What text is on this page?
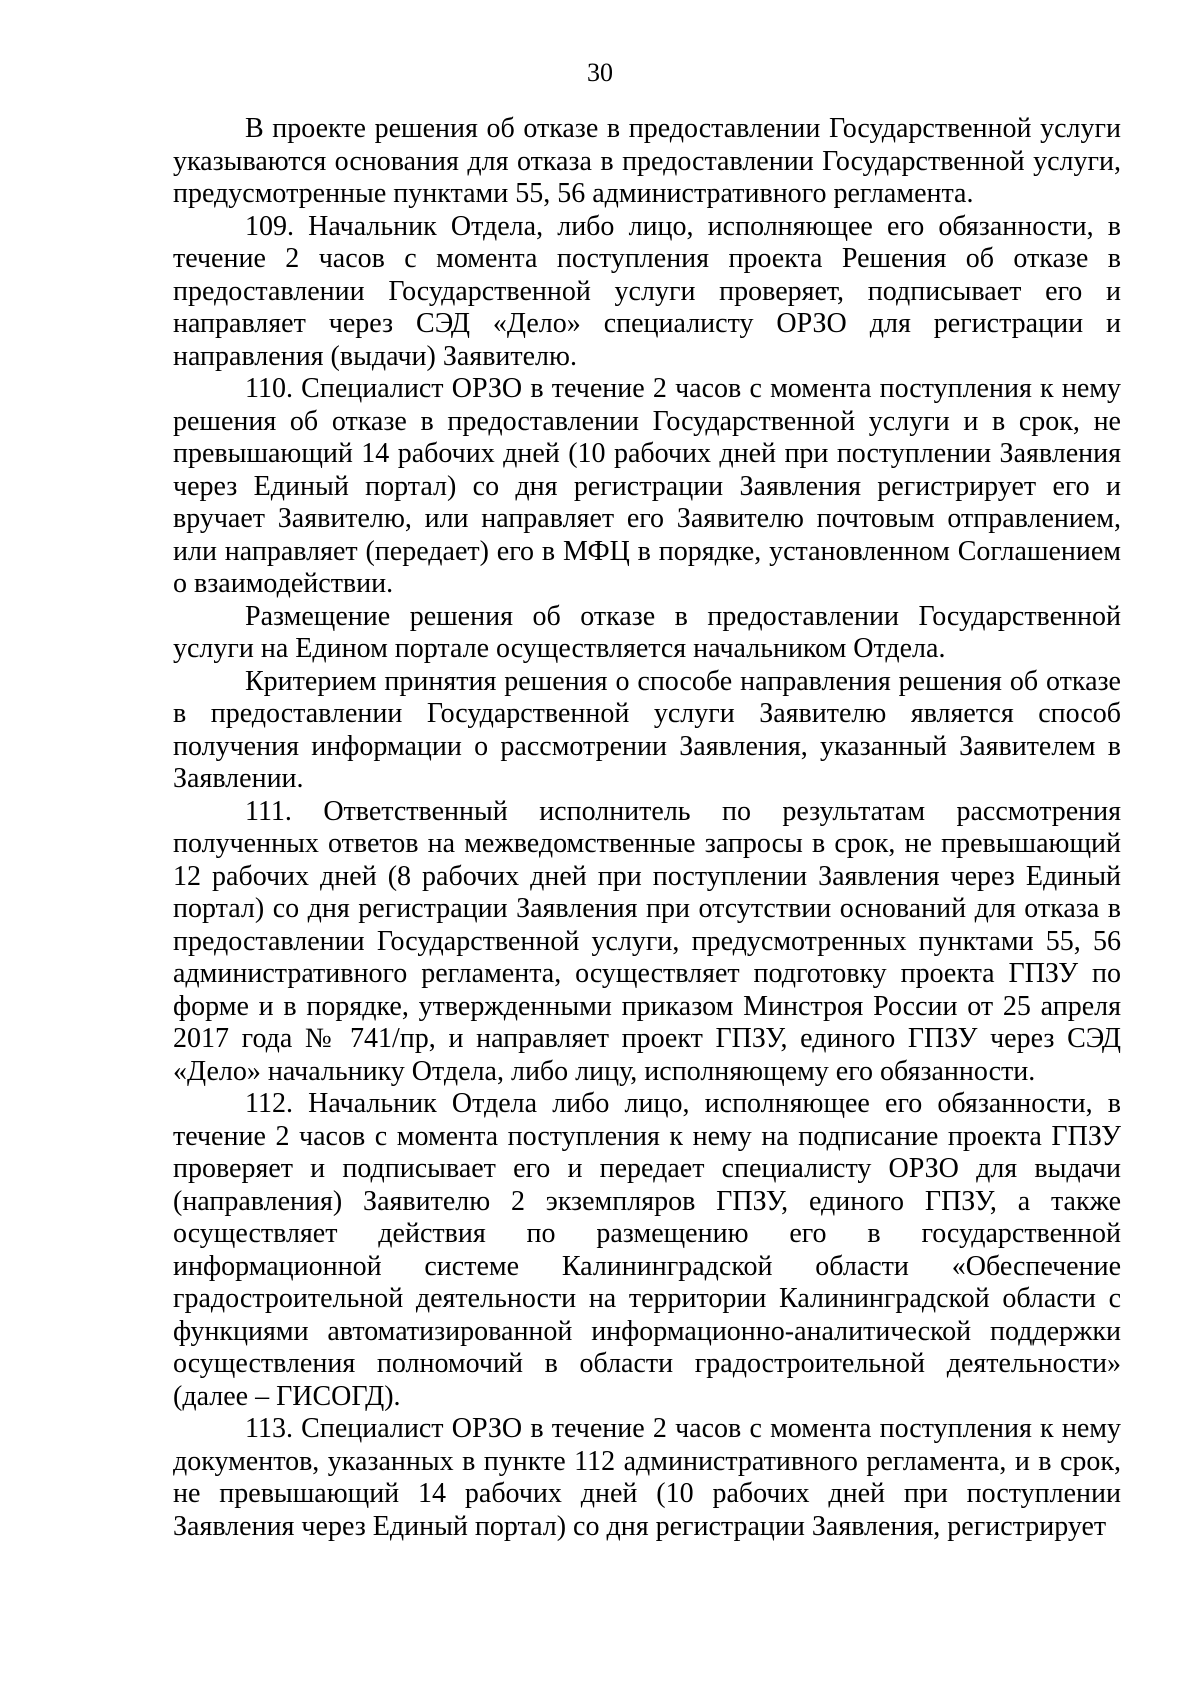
30

В проекте решения об отказе в предоставлении Государственной услуги указываются основания для отказа в предоставлении Государственной услуги, предусмотренные пунктами 55, 56 административного регламента.

109. Начальник Отдела, либо лицо, исполняющее его обязанности, в течение 2 часов с момента поступления проекта Решения об отказе в предоставлении Государственной услуги проверяет, подписывает его и направляет через СЭД «Дело» специалисту ОРЗО для регистрации и направления (выдачи) Заявителю.

110. Специалист ОРЗО в течение 2 часов с момента поступления к нему решения об отказе в предоставлении Государственной услуги и в срок, не превышающий 14 рабочих дней (10 рабочих дней при поступлении Заявления через Единый портал) со дня регистрации Заявления регистрирует его и вручает Заявителю, или направляет его Заявителю почтовым отправлением, или направляет (передает) его в МФЦ в порядке, установленном Соглашением о взаимодействии.

Размещение решения об отказе в предоставлении Государственной услуги на Едином портале осуществляется начальником Отдела.

Критерием принятия решения о способе направления решения об отказе в предоставлении Государственной услуги Заявителю является способ получения информации о рассмотрении Заявления, указанный Заявителем в Заявлении.

111. Ответственный исполнитель по результатам рассмотрения полученных ответов на межведомственные запросы в срок, не превышающий 12 рабочих дней (8 рабочих дней при поступлении Заявления через Единый портал) со дня регистрации Заявления при отсутствии оснований для отказа в предоставлении Государственной услуги, предусмотренных пунктами 55, 56 административного регламента, осуществляет подготовку проекта ГПЗУ по форме и в порядке, утвержденными приказом Минстроя России от 25 апреля 2017 года № 741/пр, и направляет проект ГПЗУ, единого ГПЗУ через СЭД «Дело» начальнику Отдела, либо лицу, исполняющему его обязанности.

112. Начальник Отдела либо лицо, исполняющее его обязанности, в течение 2 часов с момента поступления к нему на подписание проекта ГПЗУ проверяет и подписывает его и передает специалисту ОРЗО для выдачи (направления) Заявителю 2 экземпляров ГПЗУ, единого ГПЗУ, а также осуществляет действия по размещению его в государственной информационной системе Калининградской области «Обеспечение градостроительной деятельности на территории Калининградской области с функциями автоматизированной информационно-аналитической поддержки осуществления полномочий в области градостроительной деятельности» (далее – ГИСОГД).

113. Специалист ОРЗО в течение 2 часов с момента поступления к нему документов, указанных в пункте 112 административного регламента, и в срок, не превышающий 14 рабочих дней (10 рабочих дней при поступлении Заявления через Единый портал) со дня регистрации Заявления, регистрирует
